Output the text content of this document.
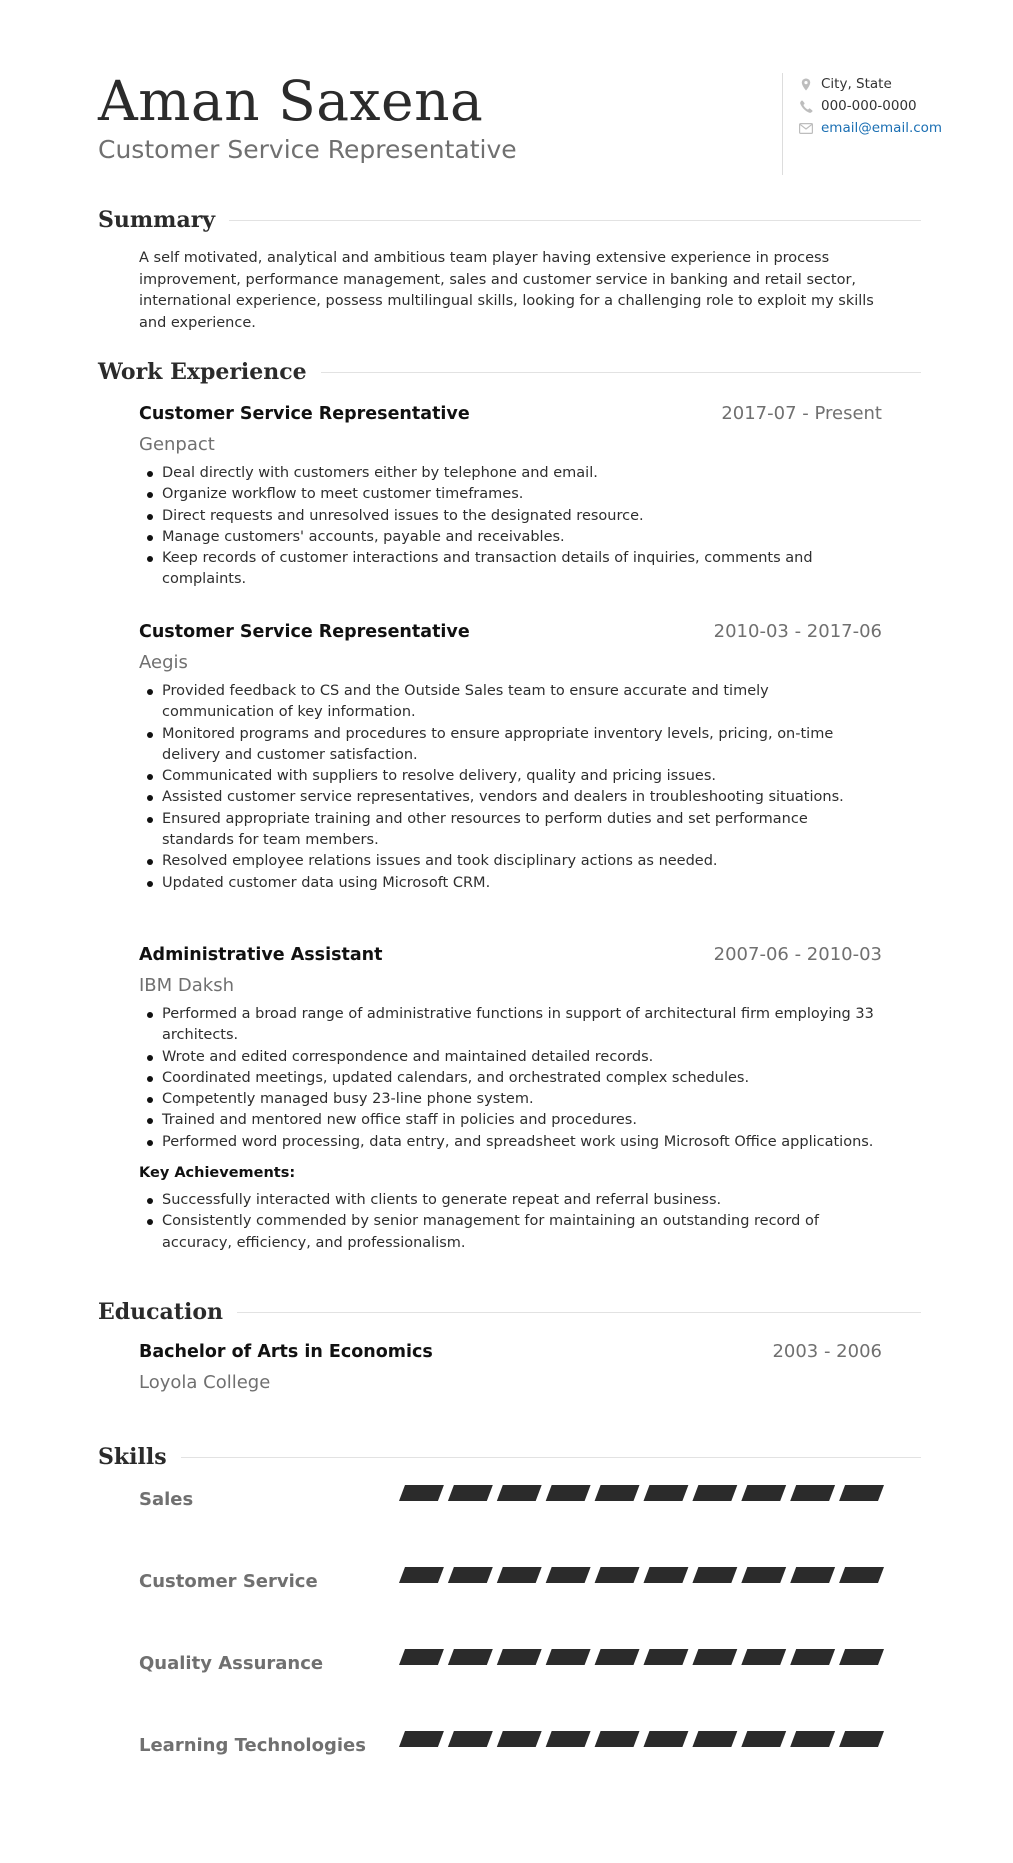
Aman Saxena
Customer Service Representative
City, State
000-000-0000
email@email.com
Summary

A self motivated, analytical and ambitious team player having extensive experience in process improvement, performance management, sales and customer service in banking and retail sector, international experience, possess multilingual skills, looking for a challenging role to exploit my skills and experience.

Work Experience
Customer Service Representative	2017-07 - Present
Genpact
Deal directly with customers either by telephone and email.
Organize workflow to meet customer timeframes.
Direct requests and unresolved issues to the designated resource.
Manage customers' accounts, payable and receivables.
Keep records of customer interactions and transaction details of inquiries, comments and complaints.
Customer Service Representative	2010-03 - 2017-06
Aegis
Provided feedback to CS and the Outside Sales team to ensure accurate and timely communication of key information.
Monitored programs and procedures to ensure appropriate inventory levels, pricing, on-time delivery and customer satisfaction.
Communicated with suppliers to resolve delivery, quality and pricing issues.
Assisted customer service representatives, vendors and dealers in troubleshooting situations.
Ensured appropriate training and other resources to perform duties and set performance standards for team members.
Resolved employee relations issues and took disciplinary actions as needed.
Updated customer data using Microsoft CRM.
Administrative Assistant	2007-06 - 2010-03
IBM Daksh
Performed a broad range of administrative functions in support of architectural firm employing 33 architects.
Wrote and edited correspondence and maintained detailed records.
Coordinated meetings, updated calendars, and orchestrated complex schedules.
Competently managed busy 23-line phone system.
Trained and mentored new office staff in policies and procedures.
Performed word processing, data entry, and spreadsheet work using Microsoft Office applications.
Key Achievements:
Successfully interacted with clients to generate repeat and referral business.
Consistently commended by senior management for maintaining an outstanding record of accuracy, efficiency, and professionalism.
Education
Bachelor of Arts in Economics	2003 - 2006
Loyola College
Skills
Sales
Customer Service
Quality Assurance
Learning Technologies
